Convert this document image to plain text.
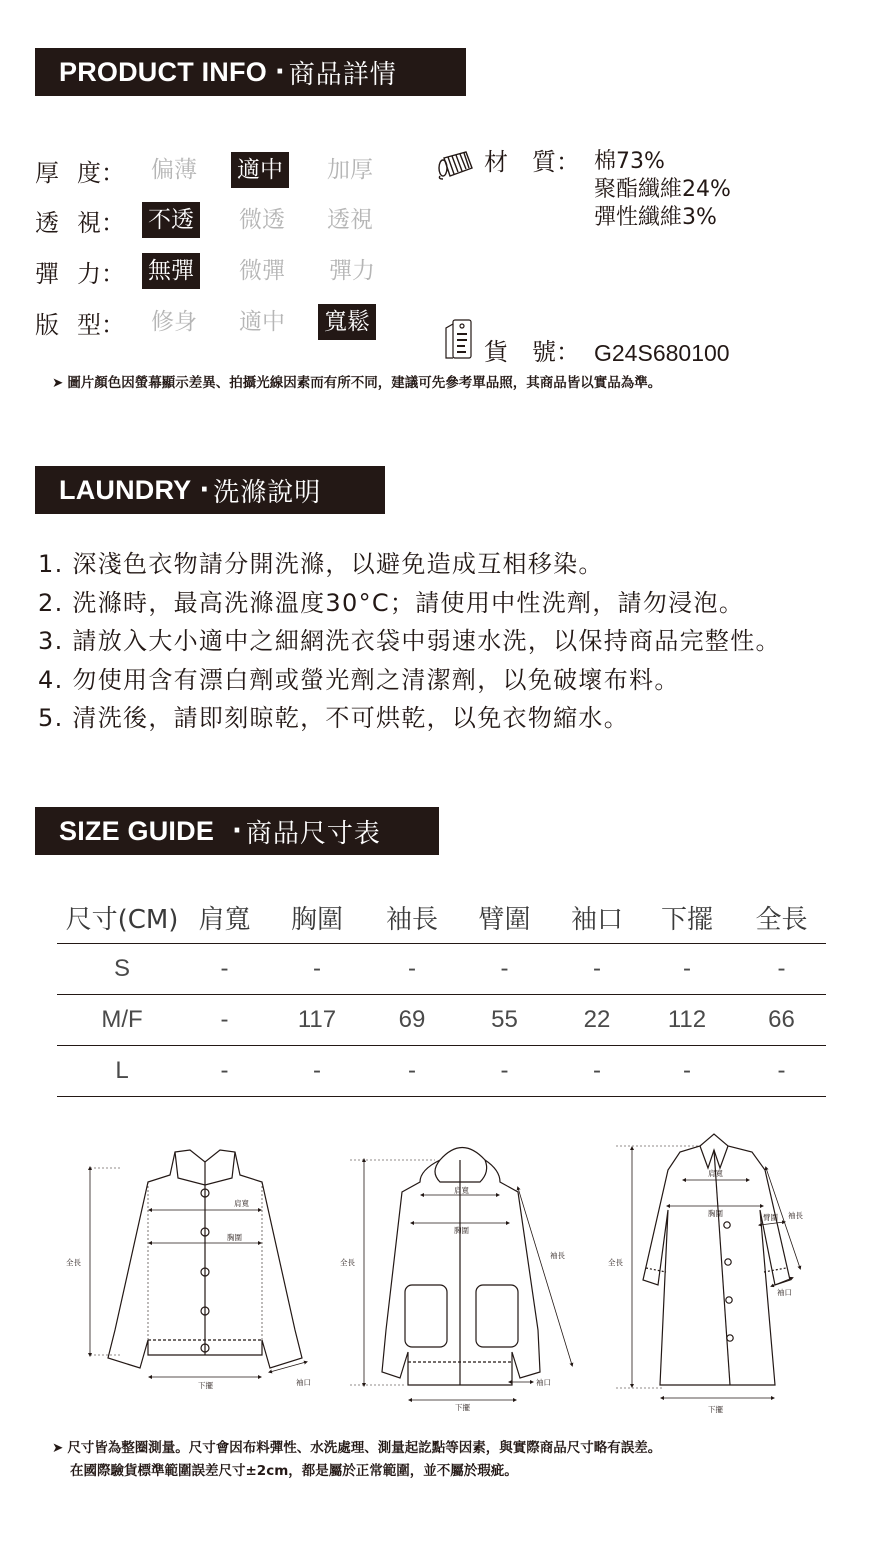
PRODUCT INFO · 商品詳情
厚 度： 偏薄 適中 加厚
透 視： 不透 微透 透視
彈 力： 無彈 微彈 彈力
版 型： 修身 適中 寬鬆
材 質： 棉73%
聚酯纖維24%
彈性纖維3%
貨 號： G24S680100
➤ 圖片顏色因螢幕顯示差異、拍攝光線因素而有所不同，建議可先參考單品照，其商品皆以實品為準。
LAUNDRY · 洗滌說明
1. 深淺色衣物請分開洗滌，以避免造成互相移染。
2. 洗滌時，最高洗滌溫度30°C；請使用中性洗劑，請勿浸泡。
3. 請放入大小適中之細網洗衣袋中弱速水洗，以保持商品完整性。
4. 勿使用含有漂白劑或螢光劑之清潔劑，以免破壞布料。
5. 清洗後，請即刻晾乾，不可烘乾，以免衣物縮水。
SIZE GUIDE · 商品尺寸表
尺寸(CM) 肩寬	胸圍	袖長	臂圍	袖口	下擺	全長
S	-	-	-	-	-	-	-
M/F	-	117	69	55	22	112	66
L	-	-	-	-	-	-	-
肩寬
胸圍
全長
下擺	袖口
肩寬
胸圍
全長
袖長
下擺
袖口
肩寬
胸圍	臂圍 袖長
全長
袖口
下擺
➤ 尺寸皆為整圈測量。尺寸會因布料彈性、水洗處理、測量起訖點等因素，與實際商品尺寸略有誤差。
在國際驗貨標準範圍誤差尺寸±2cm，都是屬於正常範圍，並不屬於瑕疵。
